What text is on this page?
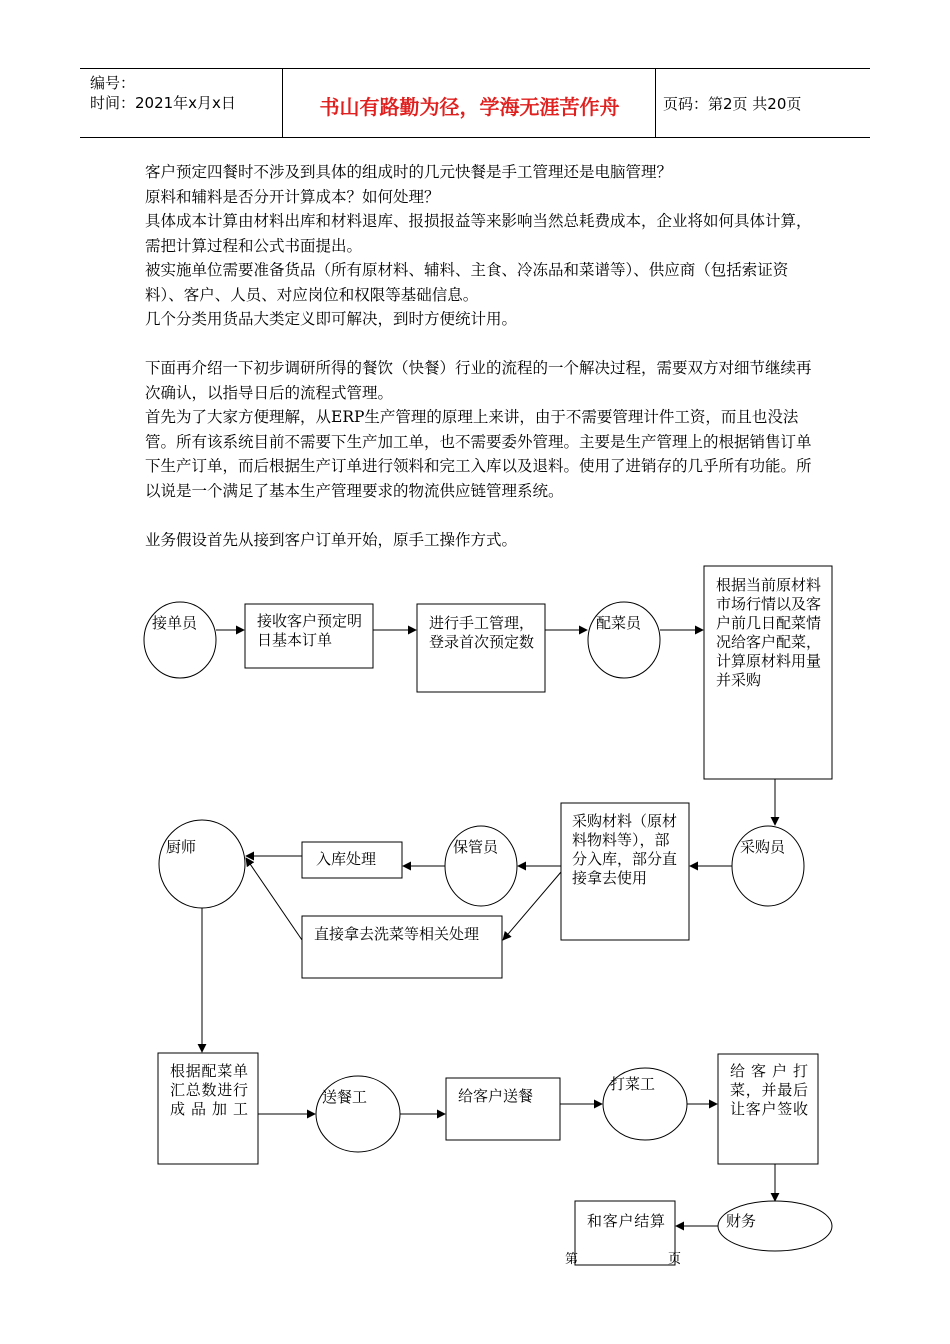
编号：
时间：2021年x月x日	书山有路勤为径，学海无涯苦作舟	页码：第2页 共20页

客户预定四餐时不涉及到具体的组成时的几元快餐是手工管理还是电脑管理？

原料和辅料是否分开计算成本？如何处理？

具体成本计算由材料出库和材料退库、报损报益等来影响当然总耗费成本，企业将如何具体计算，需把计算过程和公式书面提出。

被实施单位需要准备货品（所有原材料、辅料、主食、冷冻品和菜谱等）、供应商（包括索证资料）、客户、人员、对应岗位和权限等基础信息。

几个分类用货品大类定义即可解决，到时方便统计用。

下面再介绍一下初步调研所得的餐饮（快餐）行业的流程的一个解决过程，需要双方对细节继续再次确认，以指导日后的流程式管理。

首先为了大家方便理解，从ERP生产管理的原理上来讲，由于不需要管理计件工资，而且也没法管。所有该系统目前不需要下生产加工单，也不需要委外管理。主要是生产管理上的根据销售订单下生产订单，而后根据生产订单进行领料和完工入库以及退料。使用了进销存的几乎所有功能。所以说是一个满足了基本生产管理要求的物流供应链管理系统。

业务假设首先从接到客户订单开始，原手工操作方式。

接单员	接收客户预定明日基本订单
进行手工管理，登录首次预定数
配菜员
根据当前原材料市场行情以及客户前几日配菜情况给客户配菜，计算原材料用量并采购
采购员
采购材料（原材料物料等），部分入库，部分直接拿去使用
保管员
入库处理
直接拿去洗菜等相关处理
厨师
根据配菜单汇总数进行成品加工
送餐工	给客户送餐
打菜工
给客户打菜，并最后让客户签收
财务
和客户结算
第	页
